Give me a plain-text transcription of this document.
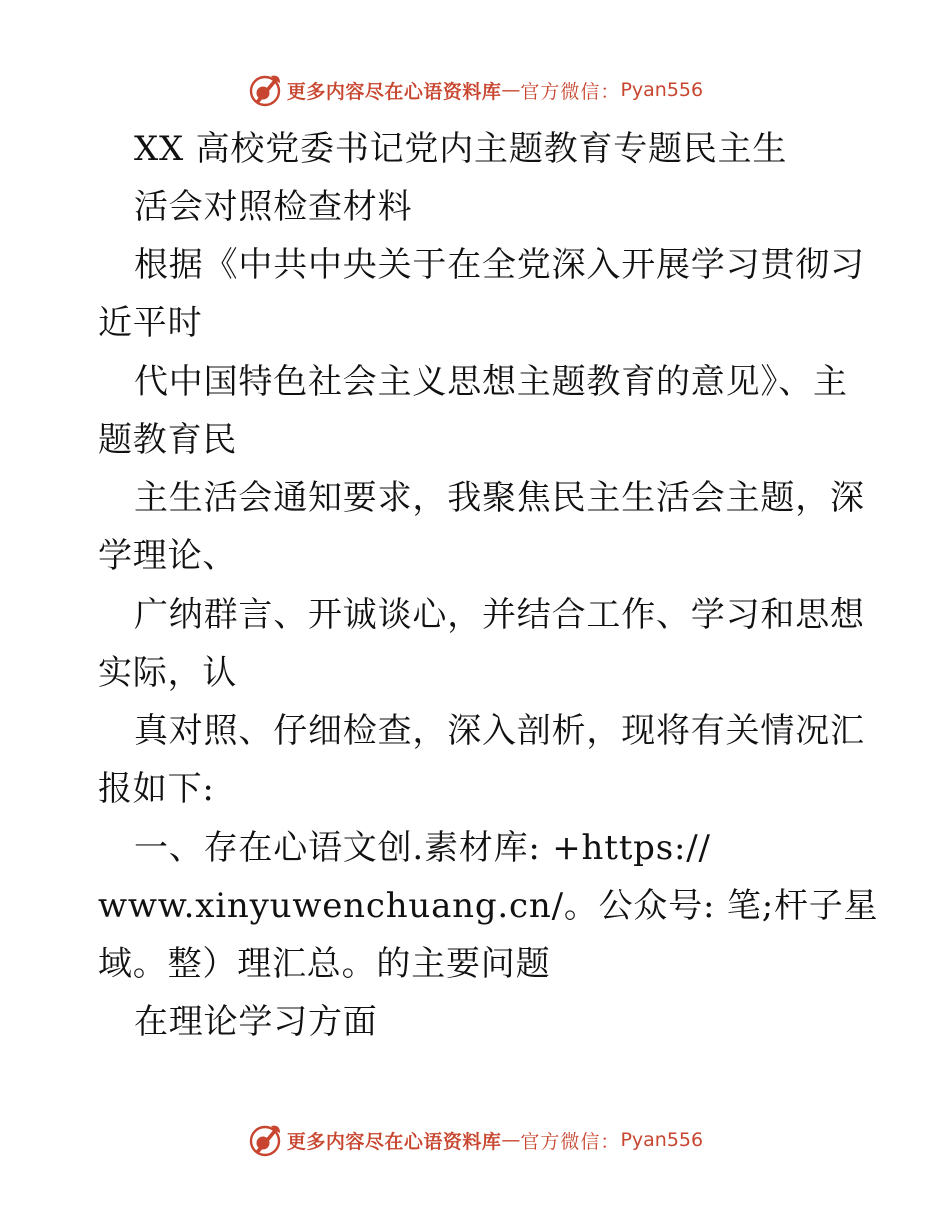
更多内容尽在心语资料库 — 官方微信： Pyan556
XX 高校党委书记党内主题教育专题民主生
活会对照检查材料
根据《中共中央关于在全党深入开展学习贯彻习
近平时
代中国特色社会主义思想主题教育的意见》、主
题教育民
主生活会通知要求，我聚焦民主生活会主题，深
学理论、
广纳群言、开诚谈心，并结合工作、学习和思想
实际，认
真对照、仔细检查，深入剖析，现将有关情况汇
报如下:
一、存在心语文创.素材库: +https://
www.xinyuwenchuang.cn/。公众号: 笔;杆子星
域。整）理汇总。的主要问题
在理论学习方面
更多内容尽在心语资料库 — 官方微信： Pyan556
